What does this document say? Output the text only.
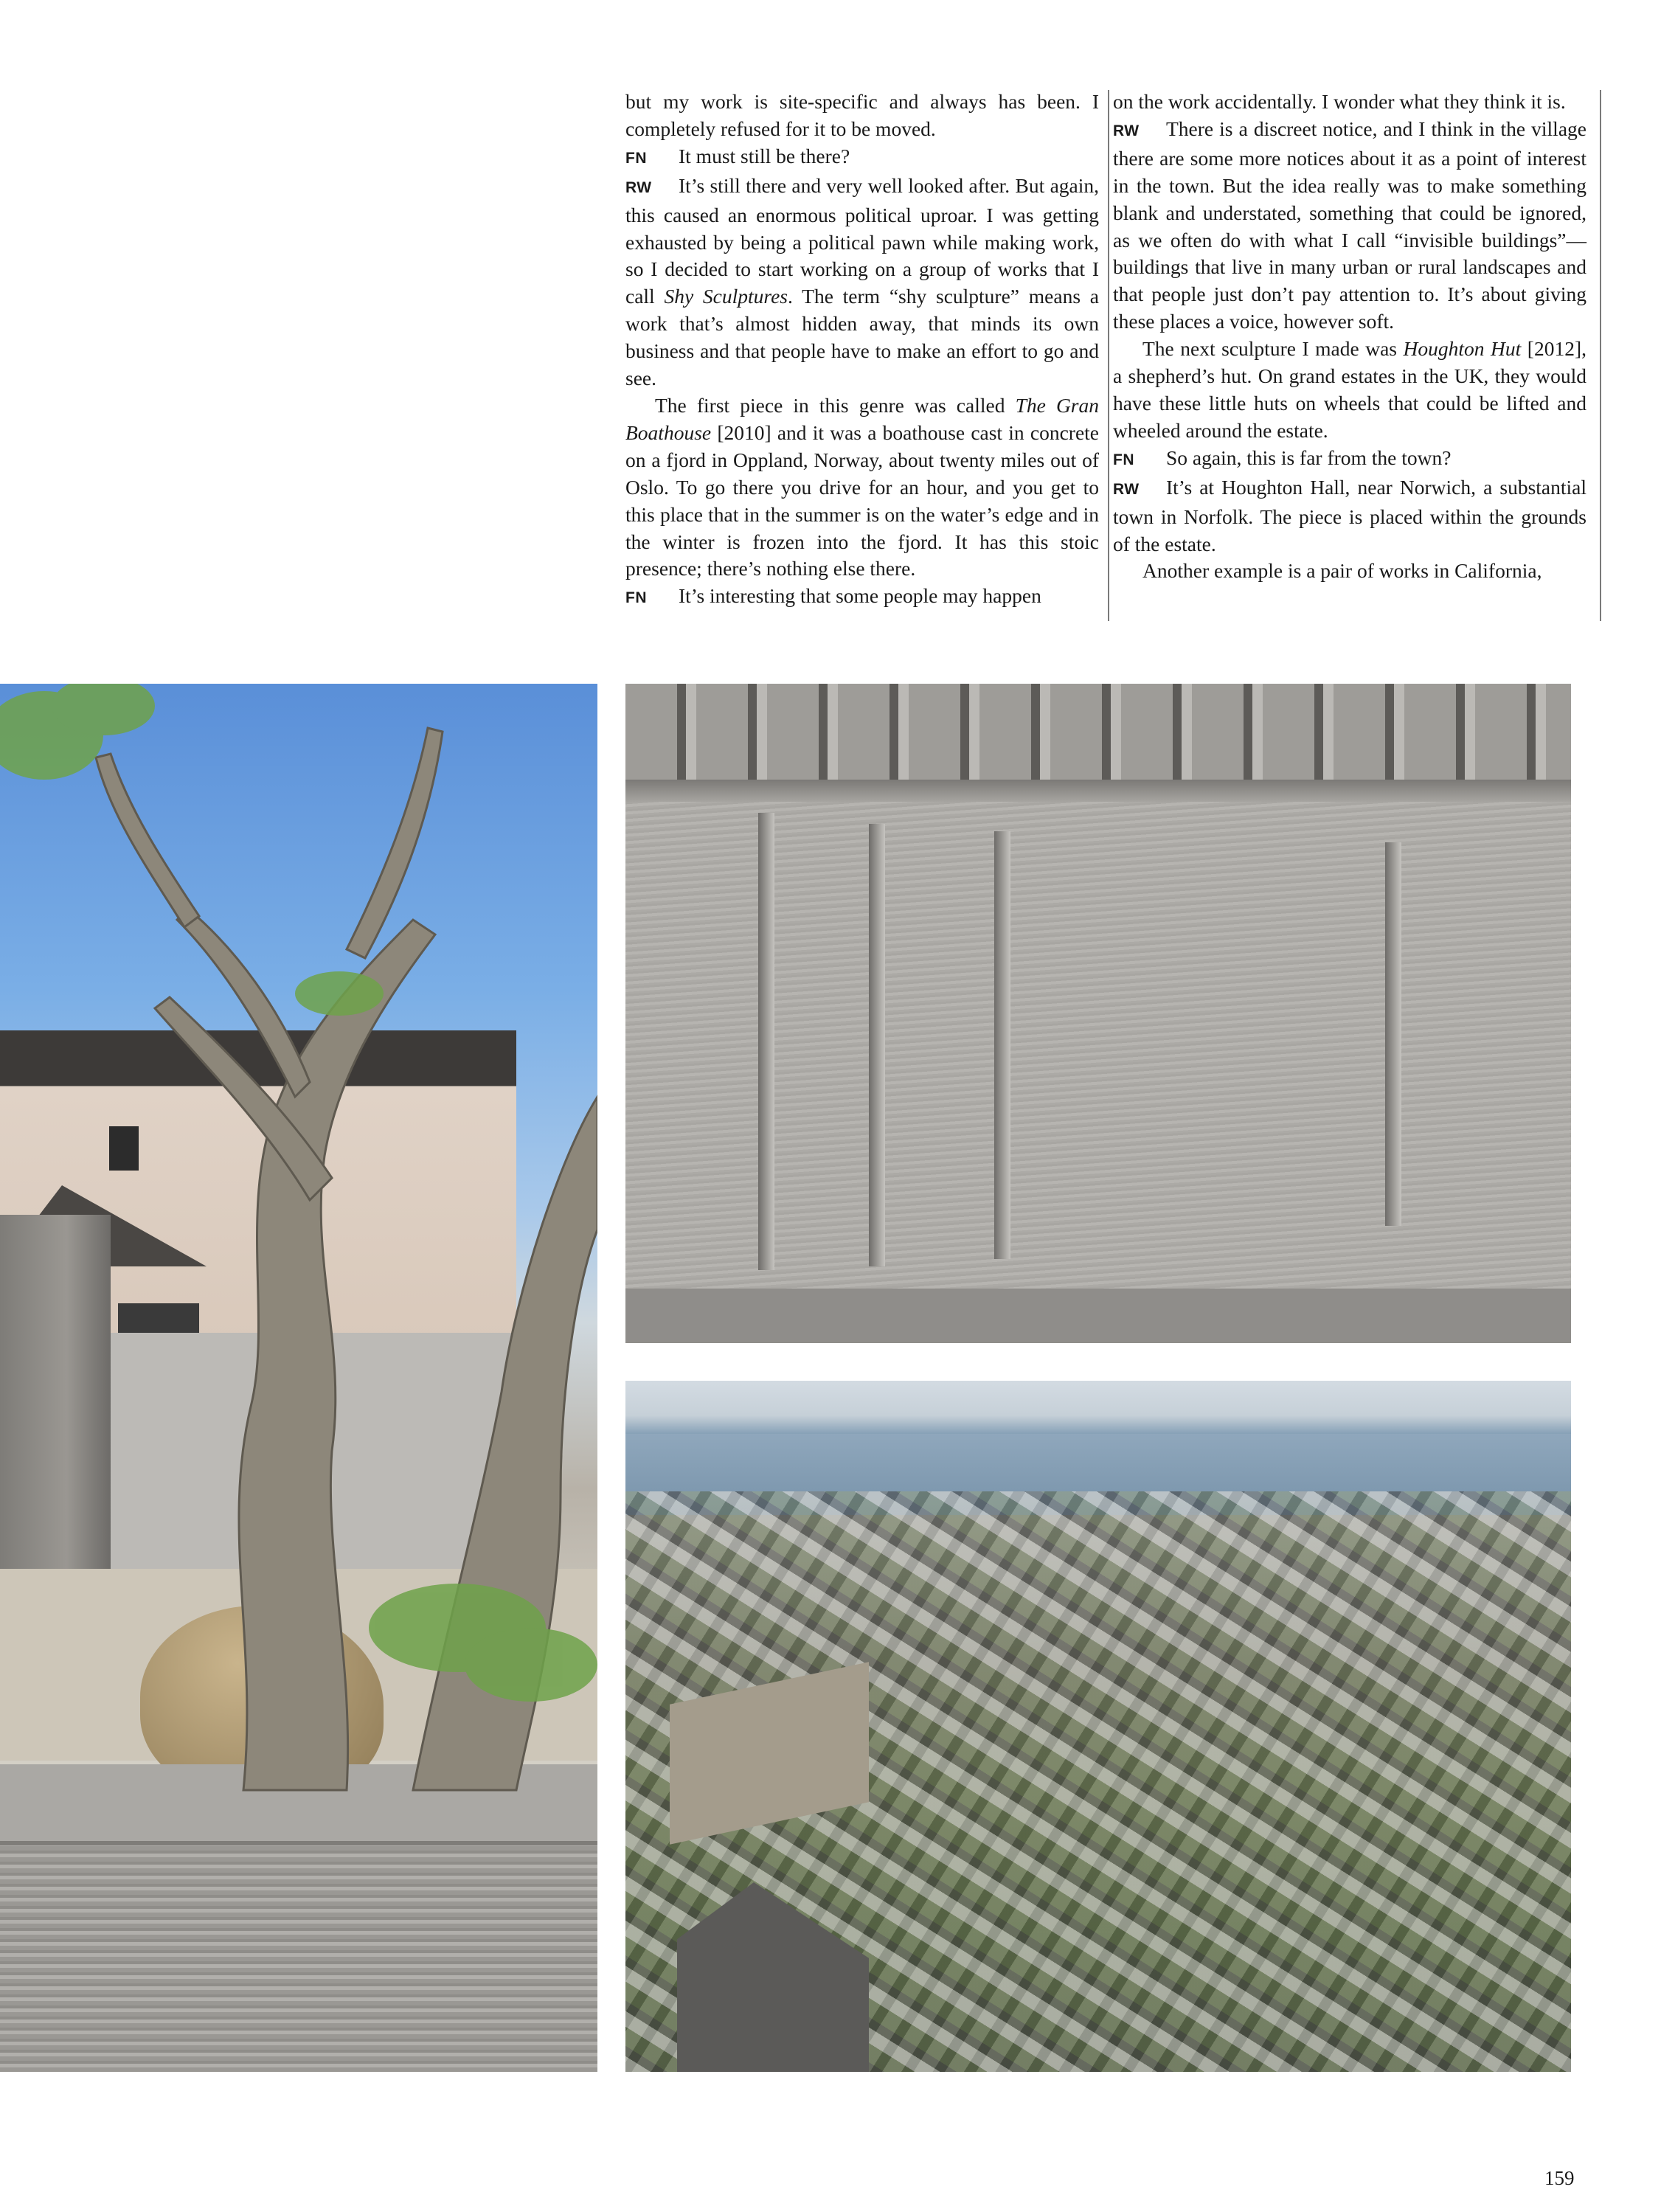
but my work is site-specific and always has been. I completely refused for it to be moved.

FN It must still be there?

RW It’s still there and very well looked after. But again, this caused an enormous political uproar. I was getting exhausted by being a political pawn while making work, so I decided to start working on a group of works that I call Shy Sculptures. The term “shy sculpture” means a work that’s almost hidden away, that minds its own business and that people have to make an effort to go and see.

The first piece in this genre was called The Gran Boathouse [2010] and it was a boathouse cast in concrete on a fjord in Oppland, Norway, about twenty miles out of Oslo. To go there you drive for an hour, and you get to this place that in the summer is on the water’s edge and in the winter is frozen into the fjord. It has this stoic presence; there’s nothing else there.

FN It’s interesting that some people may happen

on the work accidentally. I wonder what they think it is.

RW There is a discreet notice, and I think in the village there are some more notices about it as a point of interest in the town. But the idea really was to make something blank and understated, something that could be ignored, as we often do with what I call “invisible buildings”—buildings that live in many urban or rural landscapes and that people just don’t pay attention to. It’s about giving these places a voice, however soft.

The next sculpture I made was Houghton Hut [2012], a shepherd’s hut. On grand estates in the UK, they would have these little huts on wheels that could be lifted and wheeled around the estate.

FN So again, this is far from the town?

RW It’s at Houghton Hall, near Norwich, a substantial town in Norfolk. The piece is placed within the grounds of the estate.

Another example is a pair of works in California,

159
